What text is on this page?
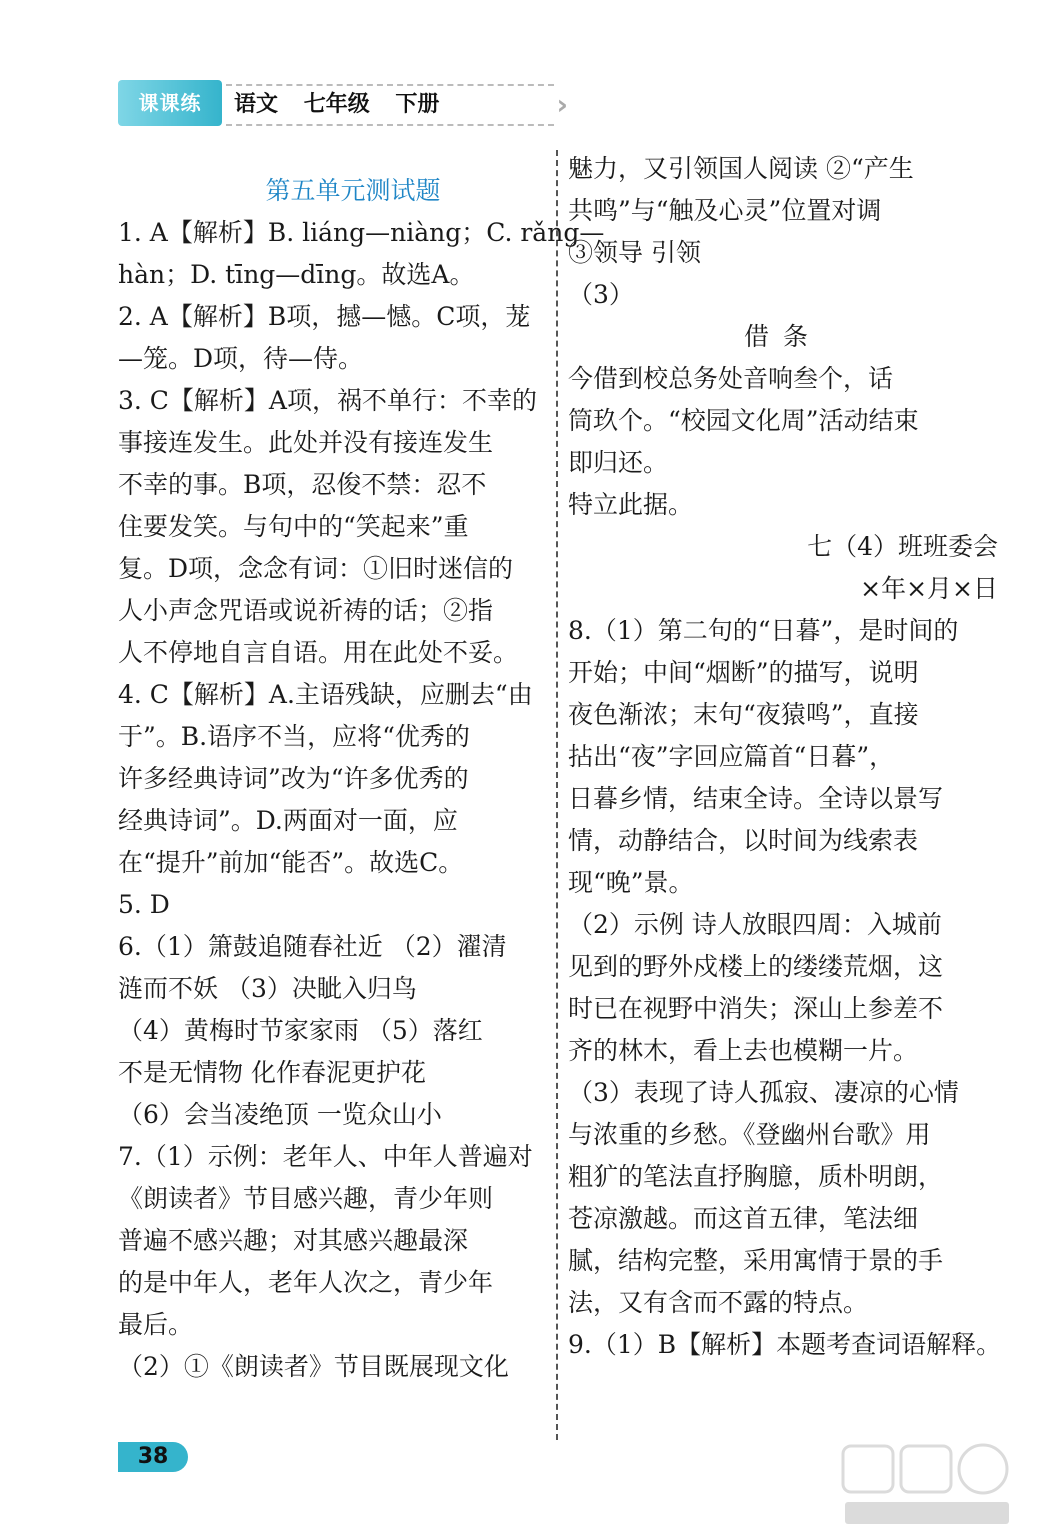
课课练	语文 七年级 下册	›
第五单元测试题
1. A【解析】B. liáng—niàng；C. rǎng—
hàn；D. tīng—dīng。故选A。
2. A【解析】B项，撼—憾。C项，茏
—笼。D项，待—侍。
3. C【解析】A项，祸不单行：不幸的
事接连发生。此处并没有接连发生
不幸的事。B项，忍俊不禁：忍不
住要发笑。与句中的“笑起来”重
复。D项，念念有词：①旧时迷信的
人小声念咒语或说祈祷的话；②指
人不停地自言自语。用在此处不妥。
4. C【解析】A.主语残缺，应删去“由
于”。B.语序不当，应将“优秀的
许多经典诗词”改为“许多优秀的
经典诗词”。D.两面对一面，应
在“提升”前加“能否”。故选C。
5. D
6.（1）箫鼓追随春社近 （2）濯清
涟而不妖 （3）决眦入归鸟
（4）黄梅时节家家雨 （5）落红
不是无情物 化作春泥更护花
（6）会当凌绝顶 一览众山小
7.（1）示例：老年人、中年人普遍对
《朗读者》节目感兴趣，青少年则
普遍不感兴趣；对其感兴趣最深
的是中年人，老年人次之，青少年
最后。
（2）①《朗读者》节目既展现文化
魅力，又引领国人阅读 ②“产生
共鸣”与“触及心灵”位置对调
③领导 引领
（3）
借条
今借到校总务处音响叁个，话
筒玖个。“校园文化周”活动结束
即归还。
特立此据。
七（4）班班委会
×年×月×日
8.（1）第二句的“日暮”，是时间的
开始；中间“烟断”的描写，说明
夜色渐浓；末句“夜猿鸣”，直接
拈出“夜”字回应篇首“日暮”，
日暮乡情，结束全诗。全诗以景写
情，动静结合，以时间为线索表
现“晚”景。
（2）示例 诗人放眼四周：入城前
见到的野外戍楼上的缕缕荒烟，这
时已在视野中消失；深山上参差不
齐的林木，看上去也模糊一片。
（3）表现了诗人孤寂、凄凉的心情
与浓重的乡愁。《登幽州台歌》用
粗犷的笔法直抒胸臆，质朴明朗，
苍凉激越。而这首五律，笔法细
腻，结构完整，采用寓情于景的手
法，又有含而不露的特点。
9.（1）B【解析】本题考查词语解释。
38
